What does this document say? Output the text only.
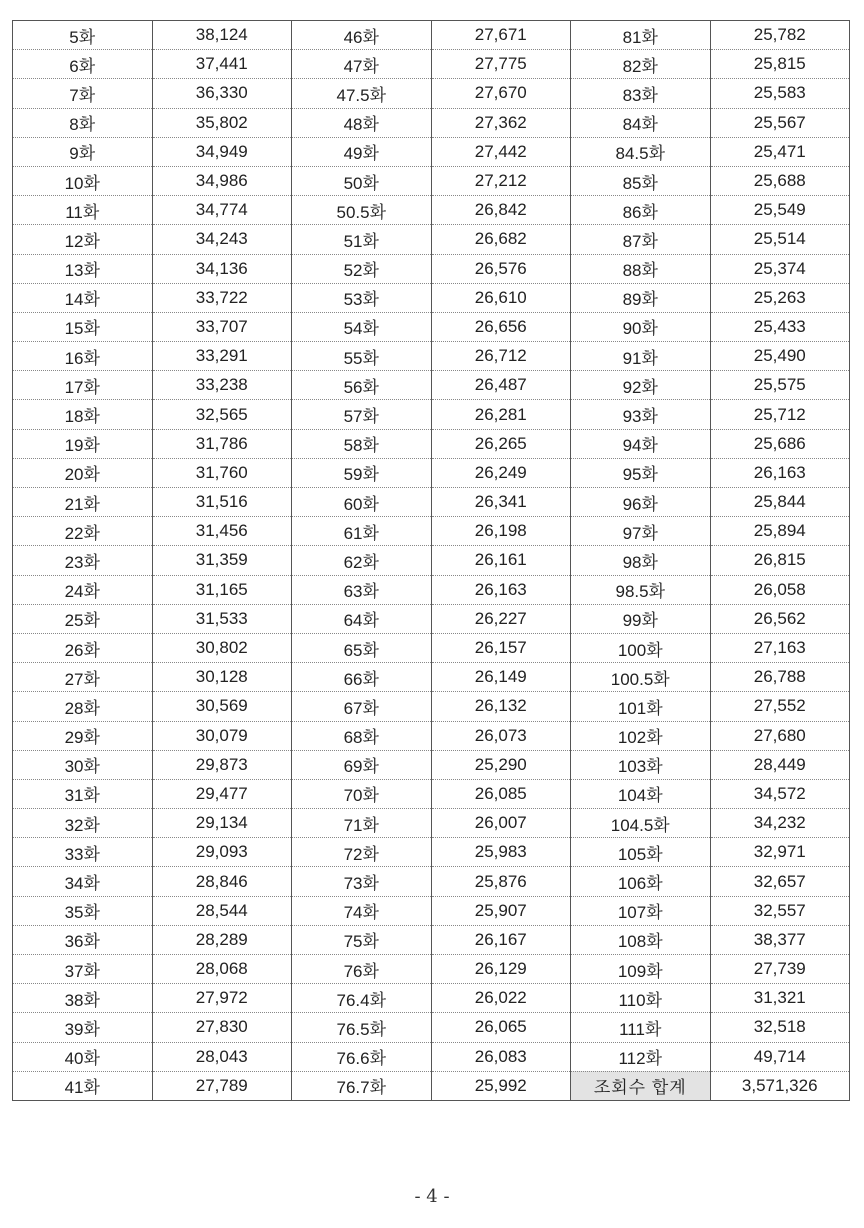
5화	38,124	46화	27,671	81화	25,782
6화	37,441	47화	27,775	82화	25,815
7화	36,330	47.5화	27,670	83화	25,583
8화	35,802	48화	27,362	84화	25,567
9화	34,949	49화	27,442	84.5화	25,471
10화	34,986	50화	27,212	85화	25,688
11화	34,774	50.5화	26,842	86화	25,549
12화	34,243	51화	26,682	87화	25,514
13화	34,136	52화	26,576	88화	25,374
14화	33,722	53화	26,610	89화	25,263
15화	33,707	54화	26,656	90화	25,433
16화	33,291	55화	26,712	91화	25,490
17화	33,238	56화	26,487	92화	25,575
18화	32,565	57화	26,281	93화	25,712
19화	31,786	58화	26,265	94화	25,686
20화	31,760	59화	26,249	95화	26,163
21화	31,516	60화	26,341	96화	25,844
22화	31,456	61화	26,198	97화	25,894
23화	31,359	62화	26,161	98화	26,815
24화	31,165	63화	26,163	98.5화	26,058
25화	31,533	64화	26,227	99화	26,562
26화	30,802	65화	26,157	100화	27,163
27화	30,128	66화	26,149	100.5화	26,788
28화	30,569	67화	26,132	101화	27,552
29화	30,079	68화	26,073	102화	27,680
30화	29,873	69화	25,290	103화	28,449
31화	29,477	70화	26,085	104화	34,572
32화	29,134	71화	26,007	104.5화	34,232
33화	29,093	72화	25,983	105화	32,971
34화	28,846	73화	25,876	106화	32,657
35화	28,544	74화	25,907	107화	32,557
36화	28,289	75화	26,167	108화	38,377
37화	28,068	76화	26,129	109화	27,739
38화	27,972	76.4화	26,022	110화	31,321
39화	27,830	76.5화	26,065	111화	32,518
40화	28,043	76.6화	26,083	112화	49,714
41화	27,789	76.7화	25,992	조회수 합계	3,571,326
- 4 -
